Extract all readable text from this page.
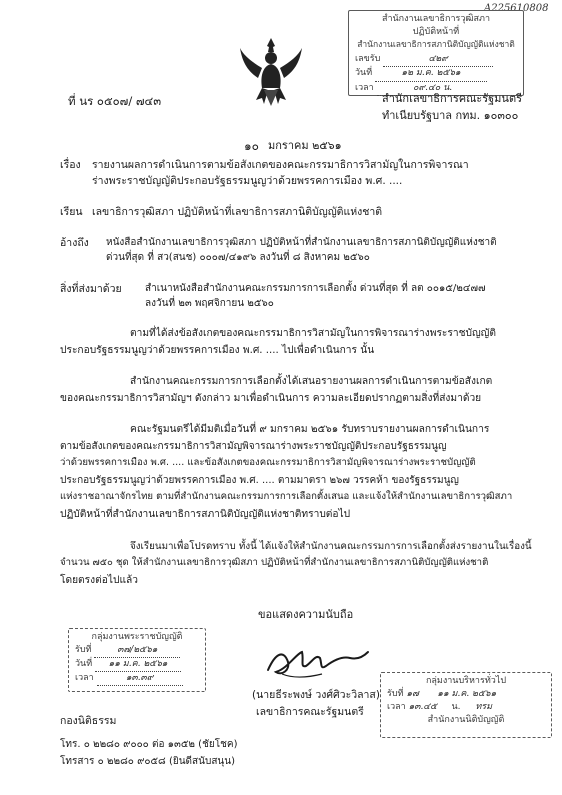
A225610808
สำนักงานเลขาธิการวุฒิสภา
ปฏิบัติหน้าที่
สำนักงานเลขาธิการสภานิติบัญญัติแห่งชาติ
เลขรับ	๔๒๙
วันที่	๑๒ ม.ค. ๒๕๖๑
เวลา	๐๙.๔๐ น.
ที่ นร ๐๕๐๗/ ๗๔๓	สำนักเลขาธิการคณะรัฐมนตรี
ทำเนียบรัฐบาล กทม. ๑๐๓๐๐
๑๐ มกราคม ๒๕๖๑
เรื่อง รายงานผลการดำเนินการตามข้อสังเกตของคณะกรรมาธิการวิสามัญในการพิจารณา
ร่างพระราชบัญญัติประกอบรัฐธรรมนูญว่าด้วยพรรคการเมือง พ.ศ. ....
เรียน เลขาธิการวุฒิสภา ปฏิบัติหน้าที่เลขาธิการสภานิติบัญญัติแห่งชาติ
อ้างถึง หนังสือสำนักงานเลขาธิการวุฒิสภา ปฏิบัติหน้าที่สำนักงานเลขาธิการสภานิติบัญญัติแห่งชาติ
ด่วนที่สุด ที่ สว(สนช) ๐๐๐๗/๔๑๙๖ ลงวันที่ ๘ สิงหาคม ๒๕๖๐
สิ่งที่ส่งมาด้วย สำเนาหนังสือสำนักงานคณะกรรมการการเลือกตั้ง ด่วนที่สุด ที่ ลต ๐๐๑๕/๒๔๗๗
ลงวันที่ ๒๓ พฤศจิกายน ๒๕๖๐
ตามที่ได้ส่งข้อสังเกตของคณะกรรมาธิการวิสามัญในการพิจารณาร่างพระราชบัญญัติ
ประกอบรัฐธรรมนูญว่าด้วยพรรคการเมือง พ.ศ. .... ไปเพื่อดำเนินการ นั้น
สำนักงานคณะกรรมการการเลือกตั้งได้เสนอรายงานผลการดำเนินการตามข้อสังเกต
ของคณะกรรมาธิการวิสามัญฯ ดังกล่าว มาเพื่อดำเนินการ ความละเอียดปรากฏตามสิ่งที่ส่งมาด้วย
คณะรัฐมนตรีได้มีมติเมื่อวันที่ ๙ มกราคม ๒๕๖๑ รับทราบรายงานผลการดำเนินการ
ตามข้อสังเกตของคณะกรรมาธิการวิสามัญพิจารณาร่างพระราชบัญญัติประกอบรัฐธรรมนูญ
ว่าด้วยพรรคการเมือง พ.ศ. .... และข้อสังเกตของคณะกรรมาธิการวิสามัญพิจารณาร่างพระราชบัญญัติ
ประกอบรัฐธรรมนูญว่าด้วยพรรคการเมือง พ.ศ. .... ตามมาตรา ๒๖๗ วรรคห้า ของรัฐธรรมนูญ
แห่งราชอาณาจักรไทย ตามที่สำนักงานคณะกรรมการการเลือกตั้งเสนอ และแจ้งให้สำนักงานเลขาธิการวุฒิสภา
ปฏิบัติหน้าที่สำนักงานเลขาธิการสภานิติบัญญัติแห่งชาติทราบต่อไป
จึงเรียนมาเพื่อโปรดทราบ ทั้งนี้ ได้แจ้งให้สำนักงานคณะกรรมการการเลือกตั้งส่งรายงานในเรื่องนี้
จำนวน ๗๕๐ ชุด ให้สำนักงานเลขาธิการวุฒิสภา ปฏิบัติหน้าที่สำนักงานเลขาธิการสภานิติบัญญัติแห่งชาติ
โดยตรงต่อไปแล้ว
ขอแสดงความนับถือ
(นายธีระพงษ์ วงศ์ศิวะวิลาส)
เลขาธิการคณะรัฐมนตรี
กลุ่มงานพระราชบัญญัติ
รับที่	๓๗/๒๕๖๑
วันที่ ๑๑ ม.ค. ๒๕๖๑
เวลา	๑๓.๓๙	กลุ่มงานบริหารทั่วไป
รับที่ ๑๗ ๑๑ ม.ค. ๒๕๖๑
เวลา ๑๓.๔๕ น. ทรม
สำนักงานนิติบัญญัติ
กองนิติธรรม
โทร. ๐ ๒๒๘๐ ๙๐๐๐ ต่อ ๑๓๕๒ (ชัยโชค)
โทรสาร ๐ ๒๒๘๐ ๙๐๕๘ (ยินดีสนับสนุน)
